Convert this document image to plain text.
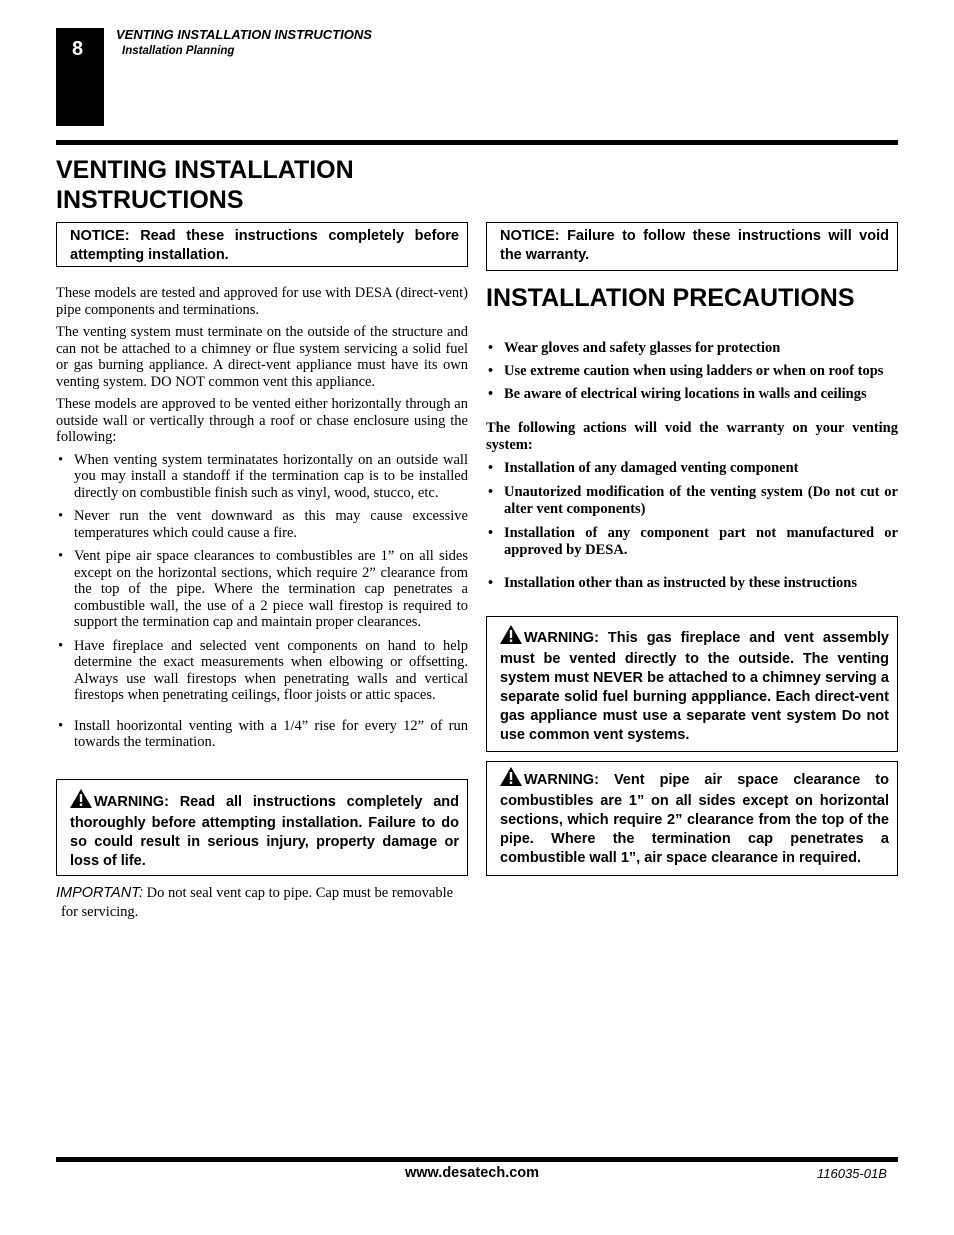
8
VENTING INSTALLATION INSTRUCTIONS
Installation Planning
VENTING INSTALLATION INSTRUCTIONS

NOTICE: Read these instructions completely before attempting installation.

NOTICE: Failure to follow these instructions will void the warranty.

These models are tested and approved for use with DESA (direct-vent) pipe components and terminations.

The venting system must terminate on the outside of the structure and can not be attached to a chimney or flue system servicing a solid fuel or gas burning appliance. A direct-vent appliance must have its own venting system. DO NOT common vent this appliance.

These models are approved to be vented either horizontally through an outside wall or vertically through a roof or chase enclosure using the following:

• When venting system terminatates horizontally on an outside wall you may install a standoff if the termination cap is to be installed directly on combustible finish such as vinyl, wood, stucco, etc.
• Never run the vent downward as this may cause excessive temperatures which could cause a fire.
• Vent pipe air space clearances to combustibles are 1” on all sides except on the horizontal sections, which require 2” clearance from the top of the pipe. Where the termination cap penetrates a combustible wall, the use of a 2 piece wall firestop is required to support the termination cap and maintain proper clearances.
• Have fireplace and selected vent components on hand to help determine the exact measurements when elbowing or offsetting. Always use wall firestops when penetrating walls and vertical firestops when penetrating ceilings, floor joists or attic spaces.
• Install hoorizontal venting with a 1/4” rise for every 12” of run towards the termination.

WARNING: Read all instructions completely and thoroughly before attempting installation. Failure to do so could result in serious injury, property damage or loss of life.

IMPORTANT: Do not seal vent cap to pipe. Cap must be removable
for servicing.
INSTALLATION PRECAUTIONS
• Wear gloves and safety glasses for protection
• Use extreme caution when using ladders or when on roof tops
• Be aware of electrical wiring locations in walls and ceilings

The following actions will void the warranty on your venting system:

• Installation of any damaged venting component
• Unautorized modification of the venting system (Do not cut or alter vent components)
• Installation of any component part not manufactured or approved by DESA.
• Installation other than as instructed by these instructions

WARNING: This gas fireplace and vent assembly must be vented directly to the outside. The venting system must NEVER be attached to a chimney serving a separate solid fuel burning apppliance. Each direct-vent gas appliance must use a separate vent system Do not use common vent systems.

WARNING: Vent pipe air space clearance to combustibles are 1” on all sides except on horizontal sections, which require 2” clearance from the top of the pipe. Where the termination cap penetrates a combustible wall 1”, air space clearance in required.

www.desatech.com	116035-01B
